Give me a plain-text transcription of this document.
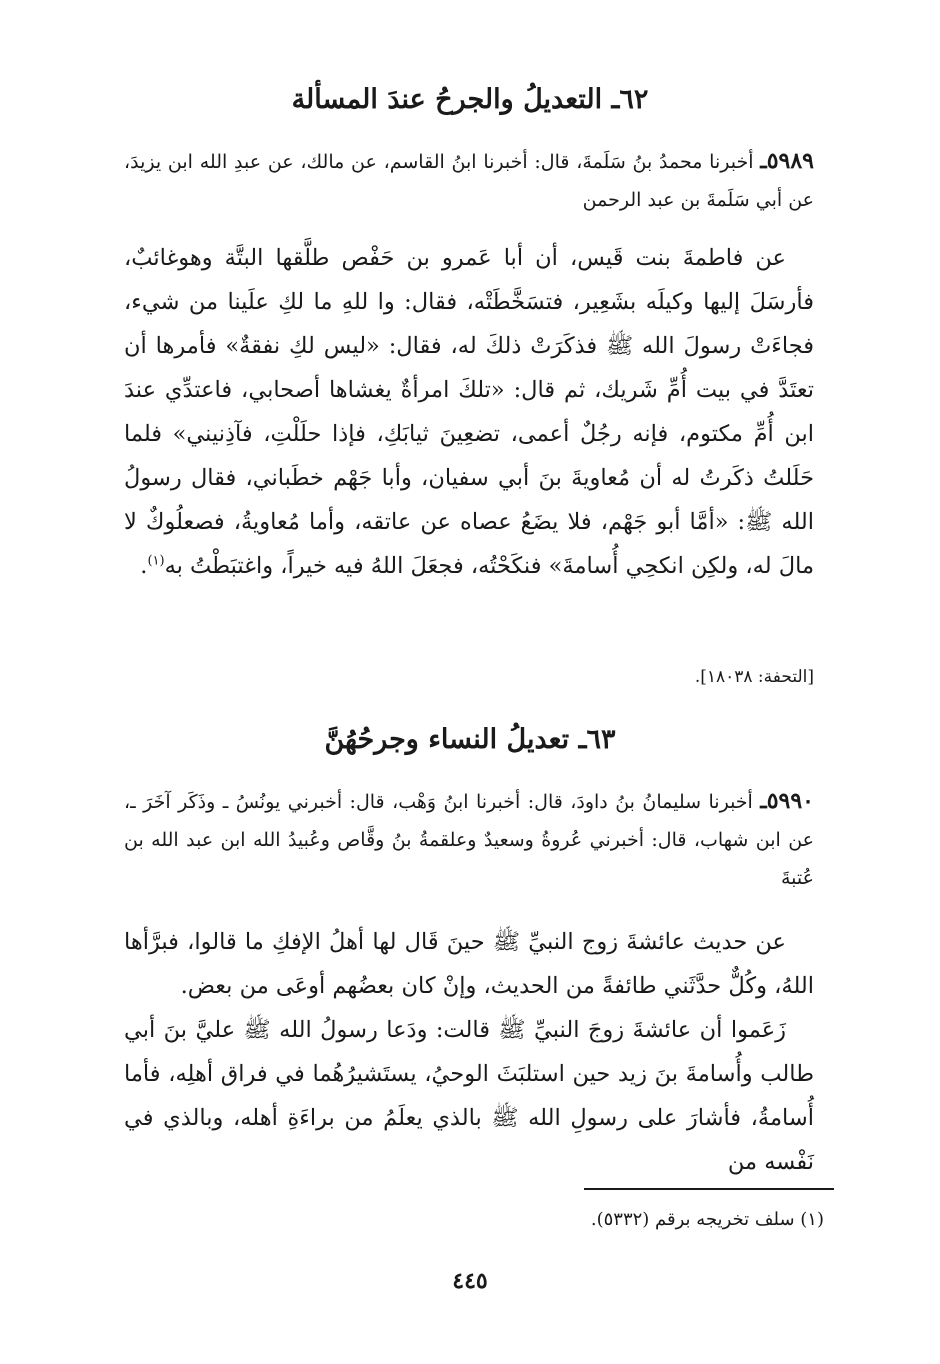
٦٢ـ التعديلُ والجرحُ عندَ المسألة
٥٩٨٩ـ أخبرنا محمدُ بنُ سَلَمةَ، قال: أخبرنا ابنُ القاسم، عن مالك، عن عبدِ الله ابن يزيدَ، عن أبي سَلَمةَ بن عبد الرحمن

عن فاطمةَ بنت قَيس، أن أبا عَمرو بن حَفْص طلَّقها البتَّة وهوغائبٌ، فأرسَلَ إليها وكيلَه بشَعِير، فتسَخَّطَتْه، فقال: وا للهِ ما لكِ علَينا من شيء، فجاءَتْ رسولَ الله ﷺ فذكَرَتْ ذلكَ له، فقال: «ليس لكِ نفقةٌ» فأمرها أن تعتَدَّ في بيت أُمِّ شَريك، ثم قال: «تلكَ امرأةٌ يغشاها أصحابي، فاعتدِّي عندَ ابن أُمِّ مكتوم، فإنه رجُلٌ أعمى، تضعِينَ ثيابَكِ، فإذا حلَلْتِ، فآذِنيني» فلما حَلَلتُ ذكَرتُ له أن مُعاويةَ بنَ أبي سفيان، وأبا جَهْم خطَباني، فقال رسولُ الله ﷺ: «أمَّا أبو جَهْم، فلا يضَعُ عصاه عن عاتقه، وأما مُعاويةُ، فصعلُوكٌ لا مالَ له، ولكِن انكحِي أُسامةَ» فنكَحْتُه، فجعَلَ اللهُ فيه خيراً، واغتبَطْتُ به$^{(١)}$.

[التحفة: ١٨٠٣٨].
٦٣ـ تعديلُ النساء وجرحُهُنَّ
٥٩٩٠ـ أخبرنا سليمانُ بنُ داودَ، قال: أخبرنا ابنُ وَهْب، قال: أخبرني يونُسُ ـ وذَكَر آخَرَ ـ، عن ابن شهاب، قال: أخبرني عُروةُ وسعيدٌ وعلقمةُ بنُ وقَّاص وعُبيدُ الله ابن عبد الله بن عُتبةَ

عن حديث عائشةَ زوج النبيِّ ﷺ حينَ قَال لها أهلُ الإفكِ ما قالوا، فبرَّأها اللهُ، وكُلٌّ حدَّثَني طائفةً من الحديث، وإنْ كان بعضُهم أوعَى من بعض.

زَعَموا أن عائشةَ زوجَ النبيِّ ﷺ قالت: ودَعا رسولُ الله ﷺ عليَّ بنَ أبي طالب وأُسامةَ بنَ زيد حين استلبَثَ الوحيُ، يستَشيرُهُما في فراق أهلِه، فأما أُسامةُ، فأشارَ على رسولِ الله ﷺ بالذي يعلَمُ من براءَةِ أهله، وبالذي في نَفْسه من

(١) سلف تخريجه برقم (٥٣٣٢).
٤٤٥
